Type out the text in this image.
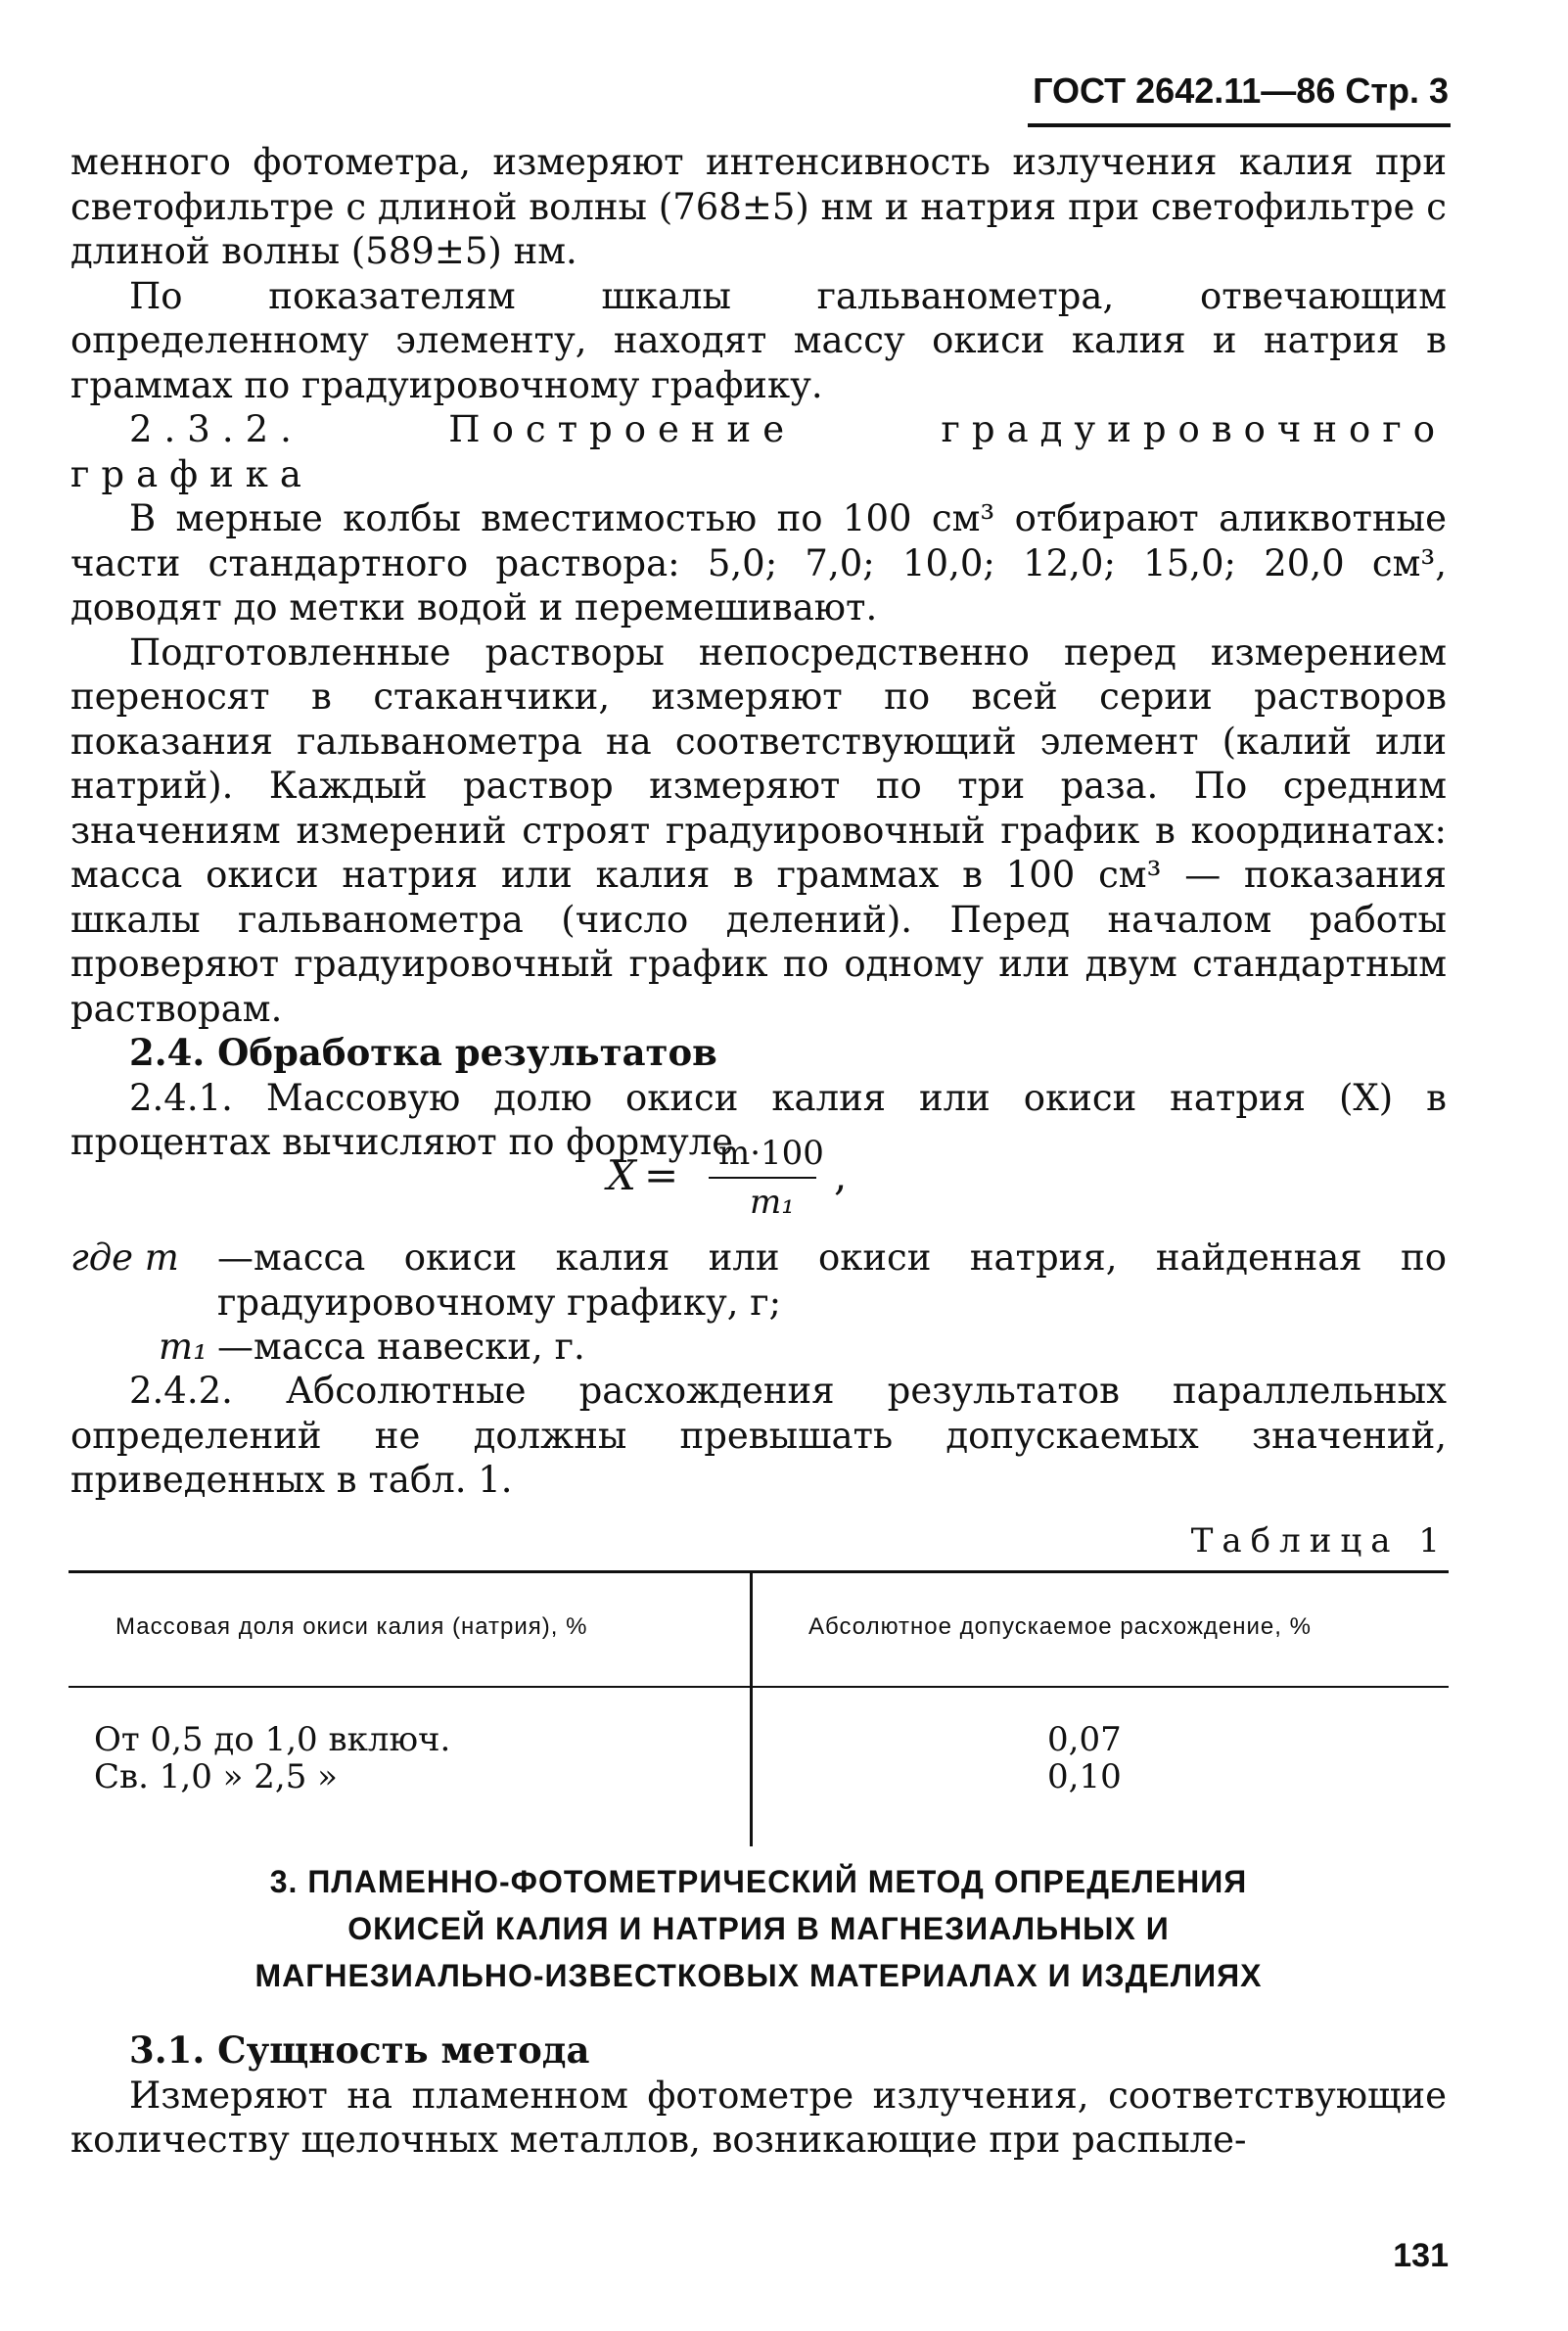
ГОСТ 2642.11—86 Стр. 3

менного фотометра, измеряют интенсивность излучения калия при светофильтре с длиной волны (768±5) нм и натрия при светофильтре с длиной волны (589±5) нм.

По показателям шкалы гальванометра, отвечающим определенному элементу, находят массу окиси калия и натрия в граммах по градуировочному графику.

2.3.2. Построение градуировочного графика

В мерные колбы вместимостью по 100 см³ отбирают аликвотные части стандартного раствора: 5,0; 7,0; 10,0; 12,0; 15,0; 20,0 см³, доводят до метки водой и перемешивают.

Подготовленные растворы непосредственно перед измерением переносят в стаканчики, измеряют по всей серии растворов показания гальванометра на соответствующий элемент (калий или натрий). Каждый раствор измеряют по три раза. По средним значениям измерений строят градуировочный график в координатах: масса окиси натрия или калия в граммах в 100 см³ — показания шкалы гальванометра (число делений). Перед началом работы проверяют градуировочный график по одному или двум стандартным растворам.

2.4. Обработка результатов

2.4.1. Массовую долю окиси калия или окиси натрия (X) в процентах вычисляют по формуле

X = m·100
m₁
,
где m —масса окиси калия или окиси натрия, найденная по градуировочному графику, г;
m₁ —масса навески, г.

2.4.2. Абсолютные расхождения результатов параллельных определений не должны превышать допускаемых значений, приведенных в табл. 1.

Таблица 1
Массовая доля окиси калия (натрия), %	Абсолютное допускаемое расхождение, %
От 0,5 до 1,0 включ.	0,07
Св. 1,0 » 2,5 »	0,10
3. ПЛАМЕННО-ФОТОМЕТРИЧЕСКИЙ МЕТОД ОПРЕДЕЛЕНИЯ
ОКИСЕЙ КАЛИЯ И НАТРИЯ В МАГНЕЗИАЛЬНЫХ И
МАГНЕЗИАЛЬНО-ИЗВЕСТКОВЫХ МАТЕРИАЛАХ И ИЗДЕЛИЯХ

3.1. Сущность метода

Измеряют на пламенном фотометре излучения, соответствующие количеству щелочных металлов, возникающие при распыле-

131
